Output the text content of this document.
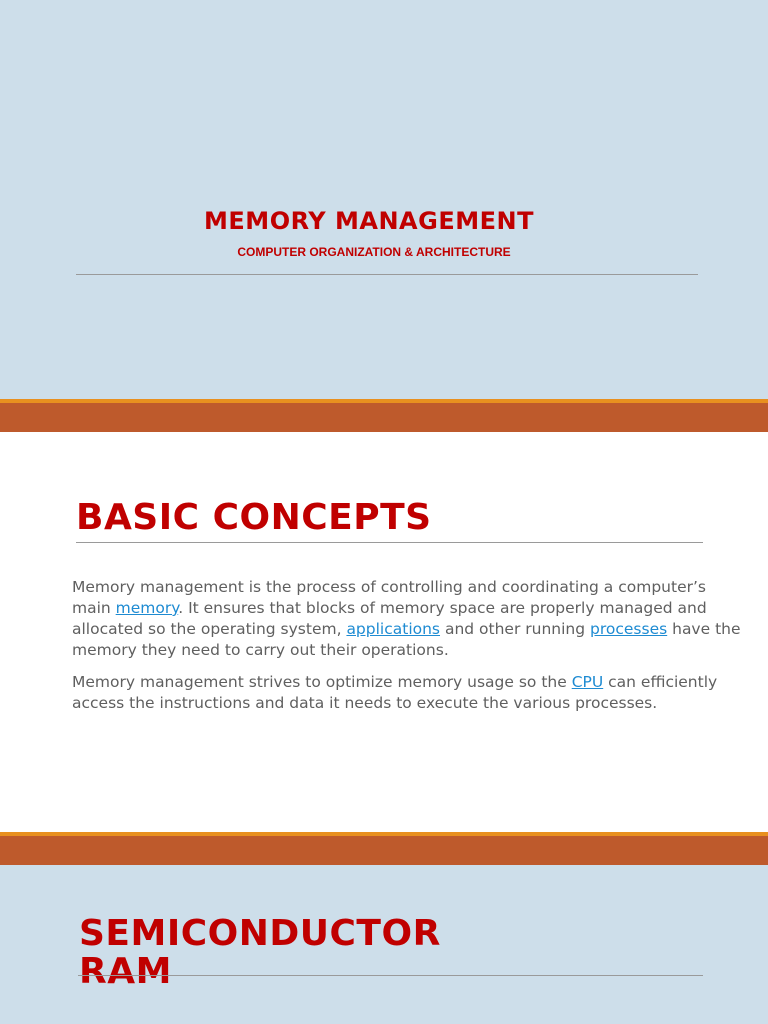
MEMORY MANAGEMENT
COMPUTER ORGANIZATION & ARCHITECTURE
BASIC CONCEPTS

Memory management is the process of controlling and coordinating a computer’s main memory. It ensures that blocks of memory space are properly managed and allocated so the operating system, applications and other running processes have the memory they need to carry out their operations.

Memory management strives to optimize memory usage so the CPU can efficiently access the instructions and data it needs to execute the various processes.

SEMICONDUCTOR
RAM
